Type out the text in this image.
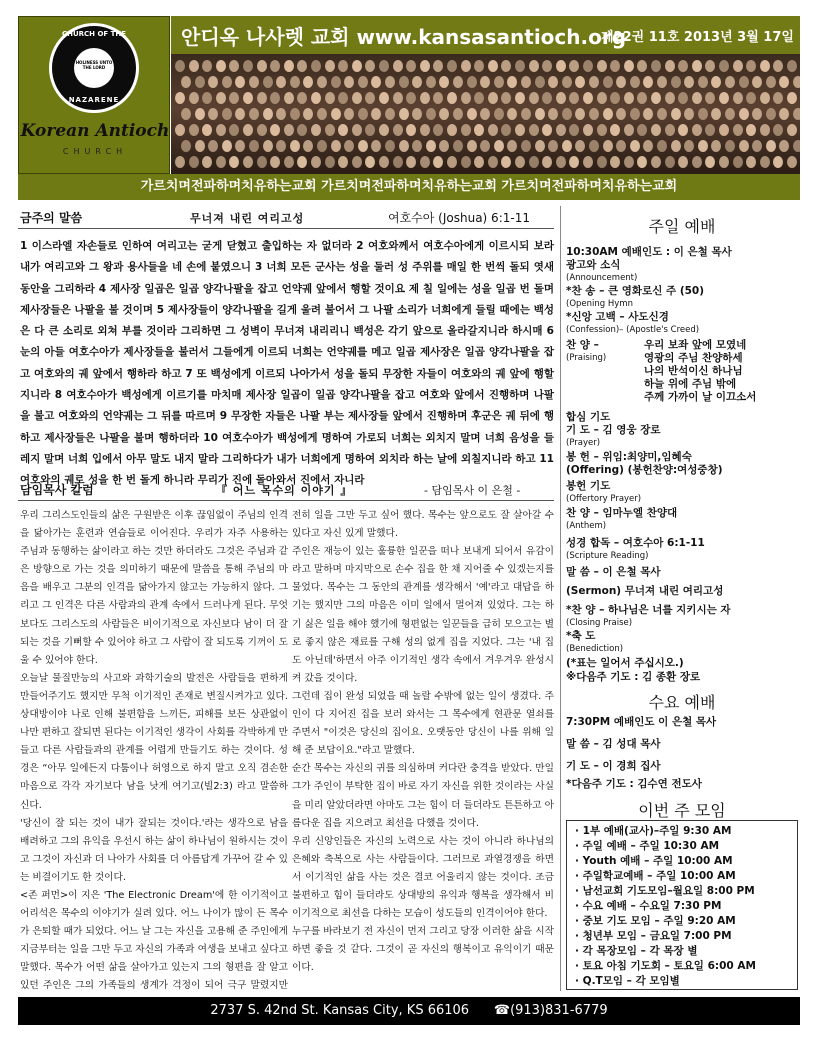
CHURCH OF THE
HOLINESS UNTO THE LORD
NAZARENE
Korean Antioch
CHURCH
안디옥 나사렛 교회 www.kansasantioch.org
제22권 11호 2013년 3월 17일
가르치며전파하며치유하는교회 가르치며전파하며치유하는교회 가르치며전파하며치유하는교회
금주의 말씀	무너져 내린 여리고성	여호수아 (Joshua) 6:1-11
1 이스라엘 자손들로 인하여 여리고는 굳게 닫혔고 출입하는 자 없더라 2 여호와께서 여호수아에게 이르시되 보라 내가 여리고와 그 왕과 용사들을 네 손에 붙였으니 3 너희 모든 군사는 성을 둘러 성 주위를 매일 한 번씩 돌되 엿새 동안을 그리하라 4 제사장 일곱은 일곱 양각나팔을 잡고 언약궤 앞에서 행할 것이요 제 칠 일에는 성을 일곱 번 돌며 제사장들은 나팔을 불 것이며 5 제사장들이 양각나팔을 길게 울려 불어서 그 나팔 소리가 너희에게 들릴 때에는 백성은 다 큰 소리로 외쳐 부를 것이라 그리하면 그 성벽이 무너져 내리리니 백성은 각기 앞으로 올라갈지니라 하시매 6 눈의 아들 여호수아가 제사장들을 불러서 그들에게 이르되 너희는 언약궤를 메고 일곱 제사장은 일곱 양각나팔을 잡고 여호와의 궤 앞에서 행하라 하고 7 또 백성에게 이르되 나아가서 성을 돌되 무장한 자들이 여호와의 궤 앞에 행할지니라 8 여호수아가 백성에게 이르기를 마치매 제사장 일곱이 일곱 양각나팔을 잡고 여호와 앞에서 진행하며 나팔을 불고 여호와의 언약궤는 그 뒤를 따르며 9 무장한 자들은 나팔 부는 제사장들 앞에서 진행하며 후군은 궤 뒤에 행하고 제사장들은 나팔을 불며 행하더라 10 여호수아가 백성에게 명하여 가로되 너희는 외치지 말며 너희 음성을 들레지 말며 너희 입에서 아무 말도 내지 말라 그리하다가 내가 너희에게 명하여 외치라 하는 날에 외칠지니라 하고 11 여호와의 궤로 성을 한 번 돌게 하니라 무리가 진에 돌아와서 진에서 자니라
담임목사 칼럼	『 어느 목수의 이야기 』	- 담임목사 이 은철 -

우리 그리스도인들의 삶은 구원받은 이후 끊임없이 주님의 인격을 닮아가는 훈련과 연습들로 이어진다. 우리가 자주 사용하는 주님과 동행하는 삶이라고 하는 것만 하더라도 그것은 주님과 같은 방향으로 가는 것을 의미하기 때문에 말씀을 통해 주님의 마음을 배우고 그분의 인격을 닮아가지 않고는 가능하지 않다. 그리고 그 인격은 다른 사람과의 관계 속에서 드러나게 된다. 무엇보다도 그리스도의 사람들은 비이기적으로 자신보다 남이 더 잘되는 것을 기뻐할 수 있어야 하고 그 사람이 잘 되도록 기꺼이 도울 수 있어야 한다.

오늘날 물질만능의 사고와 과학기술의 발전은 사람들을 편하게 만들어주기도 했지만 무척 이기적인 존재로 변질시켜가고 있다. 상대방이야 나로 인해 불편함을 느끼든, 피해를 보든 상관없이 나만 편하고 잘되면 된다는 이기적인 생각이 사회를 각박하게 만들고 다른 사람들과의 관계를 어렵게 만들기도 하는 것이다. 성경은 “아무 일에든지 다툼이나 허영으로 하지 말고 오직 겸손한 마음으로 각각 자기보다 남을 낫게 여기고(빌2:3) 라고 말씀하신다.

'당신이 잘 되는 것이 내가 잘되는 것이다.'라는 생각으로 남을 배려하고 그의 유익을 우선시 하는 삶이 하나님이 원하시는 것이고 그것이 자신과 더 나아가 사회를 더 아름답게 가꾸어 갈 수 있는 비결이기도 한 것이다.

<존 퍼먼>이 지은 'The Electronic Dream'에 한 이기적이고 어리석은 목수의 이야기가 실려 있다. 어느 나이가 많이 든 목수가 은퇴할 때가 되었다. 어느 날 그는 자신을 고용해 준 주인에게 지금부터는 일을 그만 두고 자신의 가족과 여생을 보내고 싶다고 말했다. 목수가 어떤 삶을 살아가고 있는지 그의 형편을 잘 알고 있던 주인은 그의 가족들의 생계가 걱정이 되어 극구 말렸지만

전히 일을 그만 두고 싶어 했다. 목수는 앞으로도 잘 살아갈 수 있다고 자신 있게 말했다.

주인은 재능이 있는 훌륭한 일꾼을 떠나 보내게 되어서 유감이라고 말하며 마지막으로 손수 집을 한 채 지어줄 수 있겠는지를 물었다. 목수는 그 동안의 관계를 생각해서 '예'라고 대답을 하기는 했지만 그의 마음은 이미 일에서 멀어져 있었다. 그는 하기 싫은 일을 해야 했기에 형편없는 일꾼들을 급히 모으고는 별로 좋지 않은 재료를 구해 성의 없게 집을 지었다. 그는 '내 집도 아닌데'하면서 아주 이기적인 생각 속에서 겨우겨우 완성시켜 갔을 것이다.

그런데 집이 완성 되었을 때 놀랄 수밖에 없는 일이 생겼다. 주인이 다 지어진 집을 보러 와서는 그 목수에게 현관문 열쇠를 주면서 "이것은 당신의 집이요. 오랫동안 당신이 나를 위해 일해 준 보답이요."라고 말했다.

순간 목수는 자신의 귀를 의심하며 커다란 충격을 받았다. 만일 그가 주인이 부탁한 집이 바로 자기 자신을 위한 것이라는 사실을 미리 알았더라면 아마도 그는 힘이 더 들더라도 튼튼하고 아름다운 집을 지으려고 최선을 다했을 것이다.

우리 신앙인들은 자신의 노력으로 사는 것이 아니라 하나님의 은혜와 축복으로 사는 사람들이다. 그러므로 과열경쟁을 하면서 이기적인 삶을 사는 것은 결코 어울리지 않는 것이다. 조금 불편하고 힘이 들더라도 상대방의 유익과 행복을 생각해서 비이기적으로 최선을 다하는 모습이 성도들의 인격이어야 한다.

누구를 바라보기 전 자신이 먼저 그리고 당장 이러한 삶을 시작하면 좋을 것 같다. 그것이 곧 자신의 행복이고 유익이기 때문이다.

주일 예배
10:30AM 예배인도 : 이 은철 목사
광고와 소식
(Announcement)
*찬 송 – 큰 영화로신 주 (50)
(Opening Hymn
*신앙 고백 – 사도신경
(Confession)– (Apostle's Creed)
찬 양 –
(Praising)
우리 보좌 앞에 모였네
영광의 주님 찬양하세
나의 반석이신 하나님
하늘 위에 주님 밖에
주께 가까이 날 이끄소서
합심 기도
기 도 – 김 영웅 장로
(Prayer)
봉 헌 – 위임:최양미,임혜숙
(Offering) (봉헌찬양:여성중창)
봉헌 기도
(Offertory Prayer)
찬 양 – 임마누엘 찬양대
(Anthem)
성경 합독 – 여호수아 6:1-11
(Scripture Reading)
말 씀 – 이 은철 목사
(Sermon) 무너져 내린 여리고성
*찬 양 – 하나님은 너를 지키시는 자
(Closing Praise)
*축 도
(Benediction)
(*표는 일어서 주십시오.)
※다음주 기도 : 김 종환 장로
수요 예배
7:30PM 예배인도 이 은철 목사
말 씀 – 김 성대 목사
기 도 – 이 경희 집사
*다음주 기도 : 김수연 전도사
이번 주 모임
· 1부 예배(교사)–주일 9:30 AM
· 주일 예배 – 주일 10:30 AM
· Youth 예배 – 주일 10:00 AM
· 주일학교예배 – 주일 10:00 AM
· 남선교회 기도모임–월요일 8:00 PM
· 수요 예배 – 수요일 7:30 PM
· 중보 기도 모임 – 주일 9:20 AM
· 청년부 모임 – 금요일 7:00 PM
· 각 목장모임 – 각 목장 별
· 토요 아침 기도회 – 토요일 6:00 AM
· Q.T모임 – 각 모임별
2737 S. 42nd St. Kansas City, KS 66106 ☎(913)831-6779
